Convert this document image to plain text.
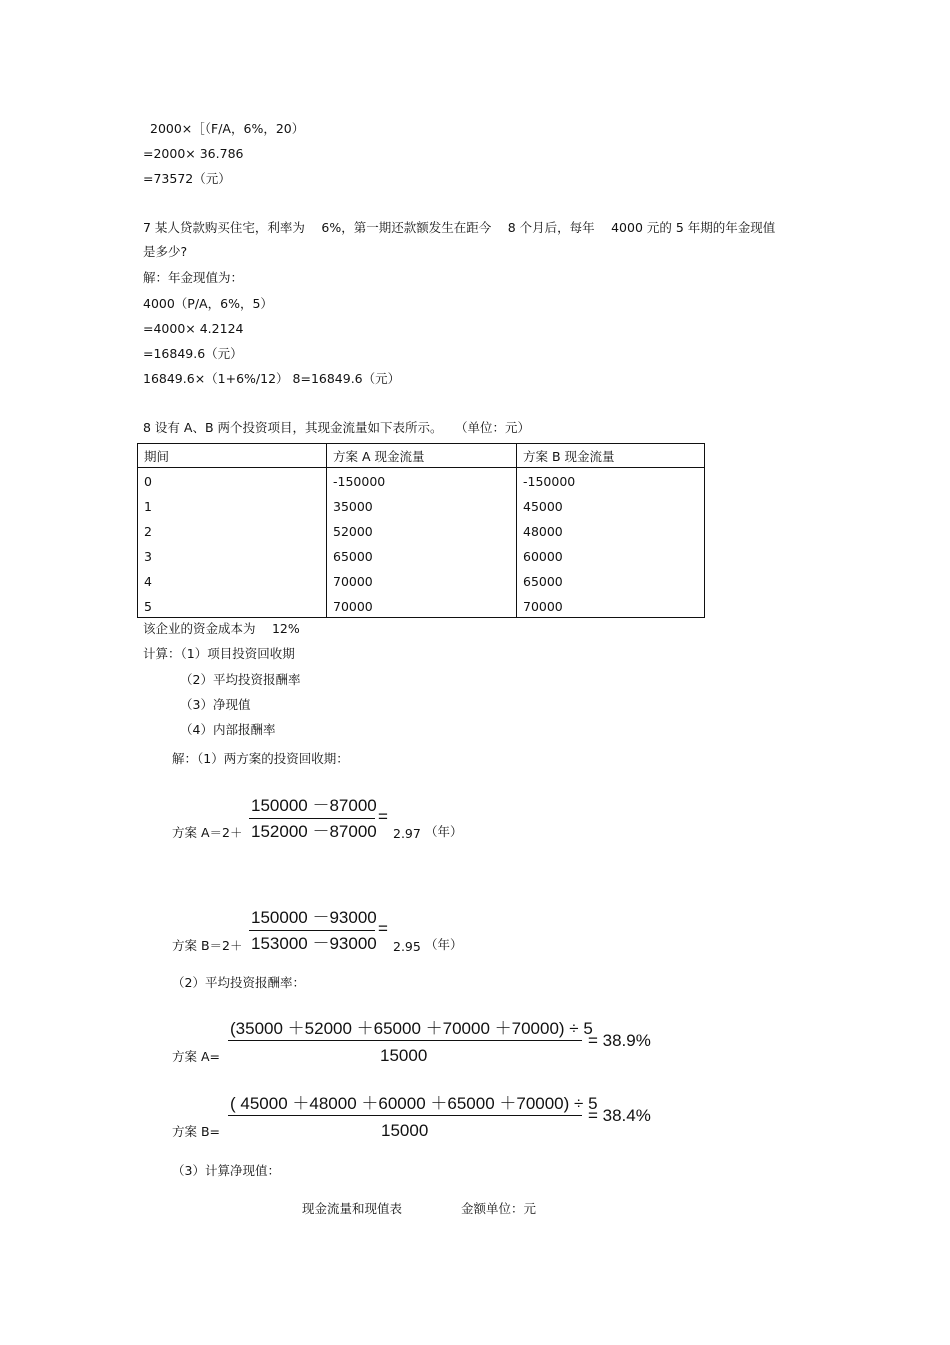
2000×［（F/A，6%，20）
=2000× 36.786
=73572（元）
7 某人贷款购买住宅，利率为　 6%，第一期还款额发生在距今　 8 个月后，每年　 4000 元的 5 年期的年金现值
是多少?
解：年金现值为：
4000（P/A，6%，5）
=4000× 4.2124
=16849.6（元）
16849.6×（1+6%/12） 8=16849.6（元）
8 设有 A、B 两个投资项目，其现金流量如下表所示。　　（单位：元）
期间	方案 A 现金流量	方案 B 现金流量
0	-150000	-150000
1	35000	45000
2	52000	48000
3	65000	60000
4	70000	65000
5	70000	70000
该企业的资金成本为　 12%
计算：（1）项目投资回收期
（2）平均投资报酬率
（3）净现值
（4）内部报酬率
解：（1）两方案的投资回收期：
150000 －87000
=
方案 A＝2＋ 152000 －87000 2.97 （年）
150000 －93000
=
方案 B＝2＋ 153000 －93000 2.95 （年）
（2）平均投资报酬率：
(35000 ＋52000 ＋65000 ＋70000 ＋70000) ÷ 5
= 38.9%
方案 A=	15000
( 45000 ＋48000 ＋60000 ＋65000 ＋70000) ÷ 5
= 38.4%
方案 B=	15000
（3）计算净现值：
现金流量和现值表	金额单位：元
